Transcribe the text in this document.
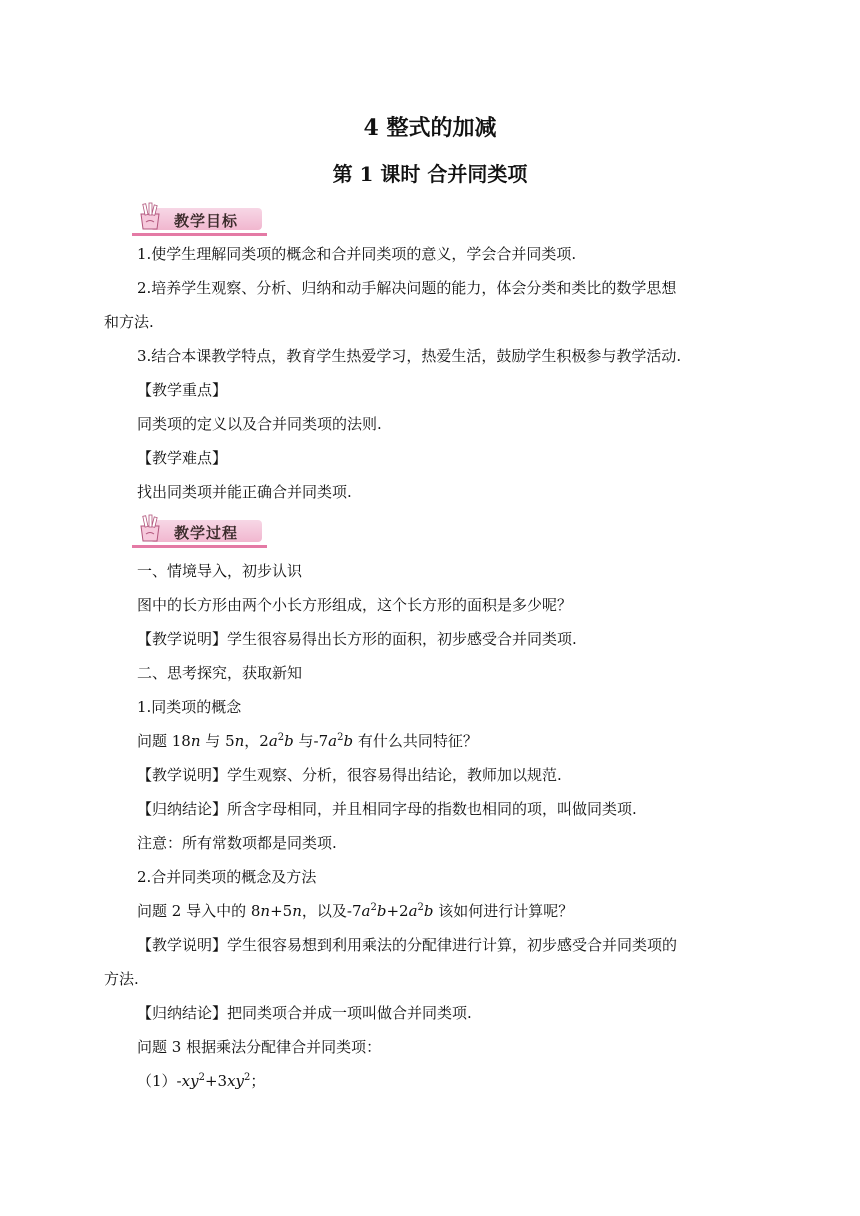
4 整式的加减
第 1 课时 合并同类项
教学目标
1.使学生理解同类项的概念和合并同类项的意义，学会合并同类项.
2.培养学生观察、分析、归纳和动手解决问题的能力，体会分类和类比的数学思想
和方法.
3.结合本课教学特点，教育学生热爱学习，热爱生活，鼓励学生积极参与教学活动.
【教学重点】
同类项的定义以及合并同类项的法则.
【教学难点】
找出同类项并能正确合并同类项.
教学过程
一、情境导入，初步认识
图中的长方形由两个小长方形组成，这个长方形的面积是多少呢？
【教学说明】学生很容易得出长方形的面积，初步感受合并同类项.
二、思考探究，获取新知
1.同类项的概念
问题 18n 与 5n，$2a^2b$ 与$-7a^2b$ 有什么共同特征？
【教学说明】学生观察、分析，很容易得出结论，教师加以规范.
【归纳结论】所含字母相同，并且相同字母的指数也相同的项，叫做同类项.
注意：所有常数项都是同类项.
2.合并同类项的概念及方法
问题 2 导入中的 8n+5n，以及$-7a^2b+2a^2b$ 该如何进行计算呢？
【教学说明】学生很容易想到利用乘法的分配律进行计算，初步感受合并同类项的
方法.
【归纳结论】把同类项合并成一项叫做合并同类项.
问题 3 根据乘法分配律合并同类项：
$(1)-xy^2+3xy^2$；
